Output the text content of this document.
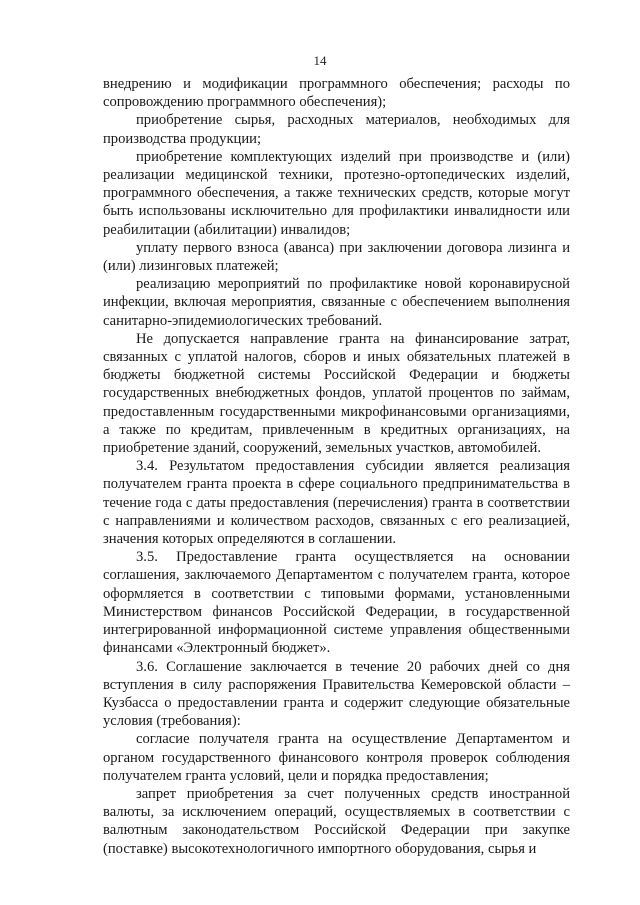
14

внедрению и модификации программного обеспечения; расходы по сопровождению программного обеспечения);

приобретение сырья, расходных материалов, необходимых для производства продукции;

приобретение комплектующих изделий при производстве и (или) реализации медицинской техники, протезно-ортопедических изделий, программного обеспечения, а также технических средств, которые могут быть использованы исключительно для профилактики инвалидности или реабилитации (абилитации) инвалидов;

уплату первого взноса (аванса) при заключении договора лизинга и (или) лизинговых платежей;

реализацию мероприятий по профилактике новой коронавирусной инфекции, включая мероприятия, связанные с обеспечением выполнения санитарно-эпидемиологических требований.

Не допускается направление гранта на финансирование затрат, связанных с уплатой налогов, сборов и иных обязательных платежей в бюджеты бюджетной системы Российской Федерации и бюджеты государственных внебюджетных фондов, уплатой процентов по займам, предоставленным государственными микрофинансовыми организациями, а также по кредитам, привлеченным в кредитных организациях, на приобретение зданий, сооружений, земельных участков, автомобилей.

3.4. Результатом предоставления субсидии является реализация получателем гранта проекта в сфере социального предпринимательства в течение года с даты предоставления (перечисления) гранта в соответствии с направлениями и количеством расходов, связанных с его реализацией, значения которых определяются в соглашении.

3.5. Предоставление гранта осуществляется на основании соглашения, заключаемого Департаментом с получателем гранта, которое оформляется в соответствии с типовыми формами, установленными Министерством финансов Российской Федерации, в государственной интегрированной информационной системе управления общественными финансами «Электронный бюджет».

3.6. Соглашение заключается в течение 20 рабочих дней со дня вступления в силу распоряжения Правительства Кемеровской области – Кузбасса о предоставлении гранта и содержит следующие обязательные условия (требования):

согласие получателя гранта на осуществление Департаментом и органом государственного финансового контроля проверок соблюдения получателем гранта условий, цели и порядка предоставления;

запрет приобретения за счет полученных средств иностранной валюты, за исключением операций, осуществляемых в соответствии с валютным законодательством Российской Федерации при закупке (поставке) высокотехнологичного импортного оборудования, сырья и
